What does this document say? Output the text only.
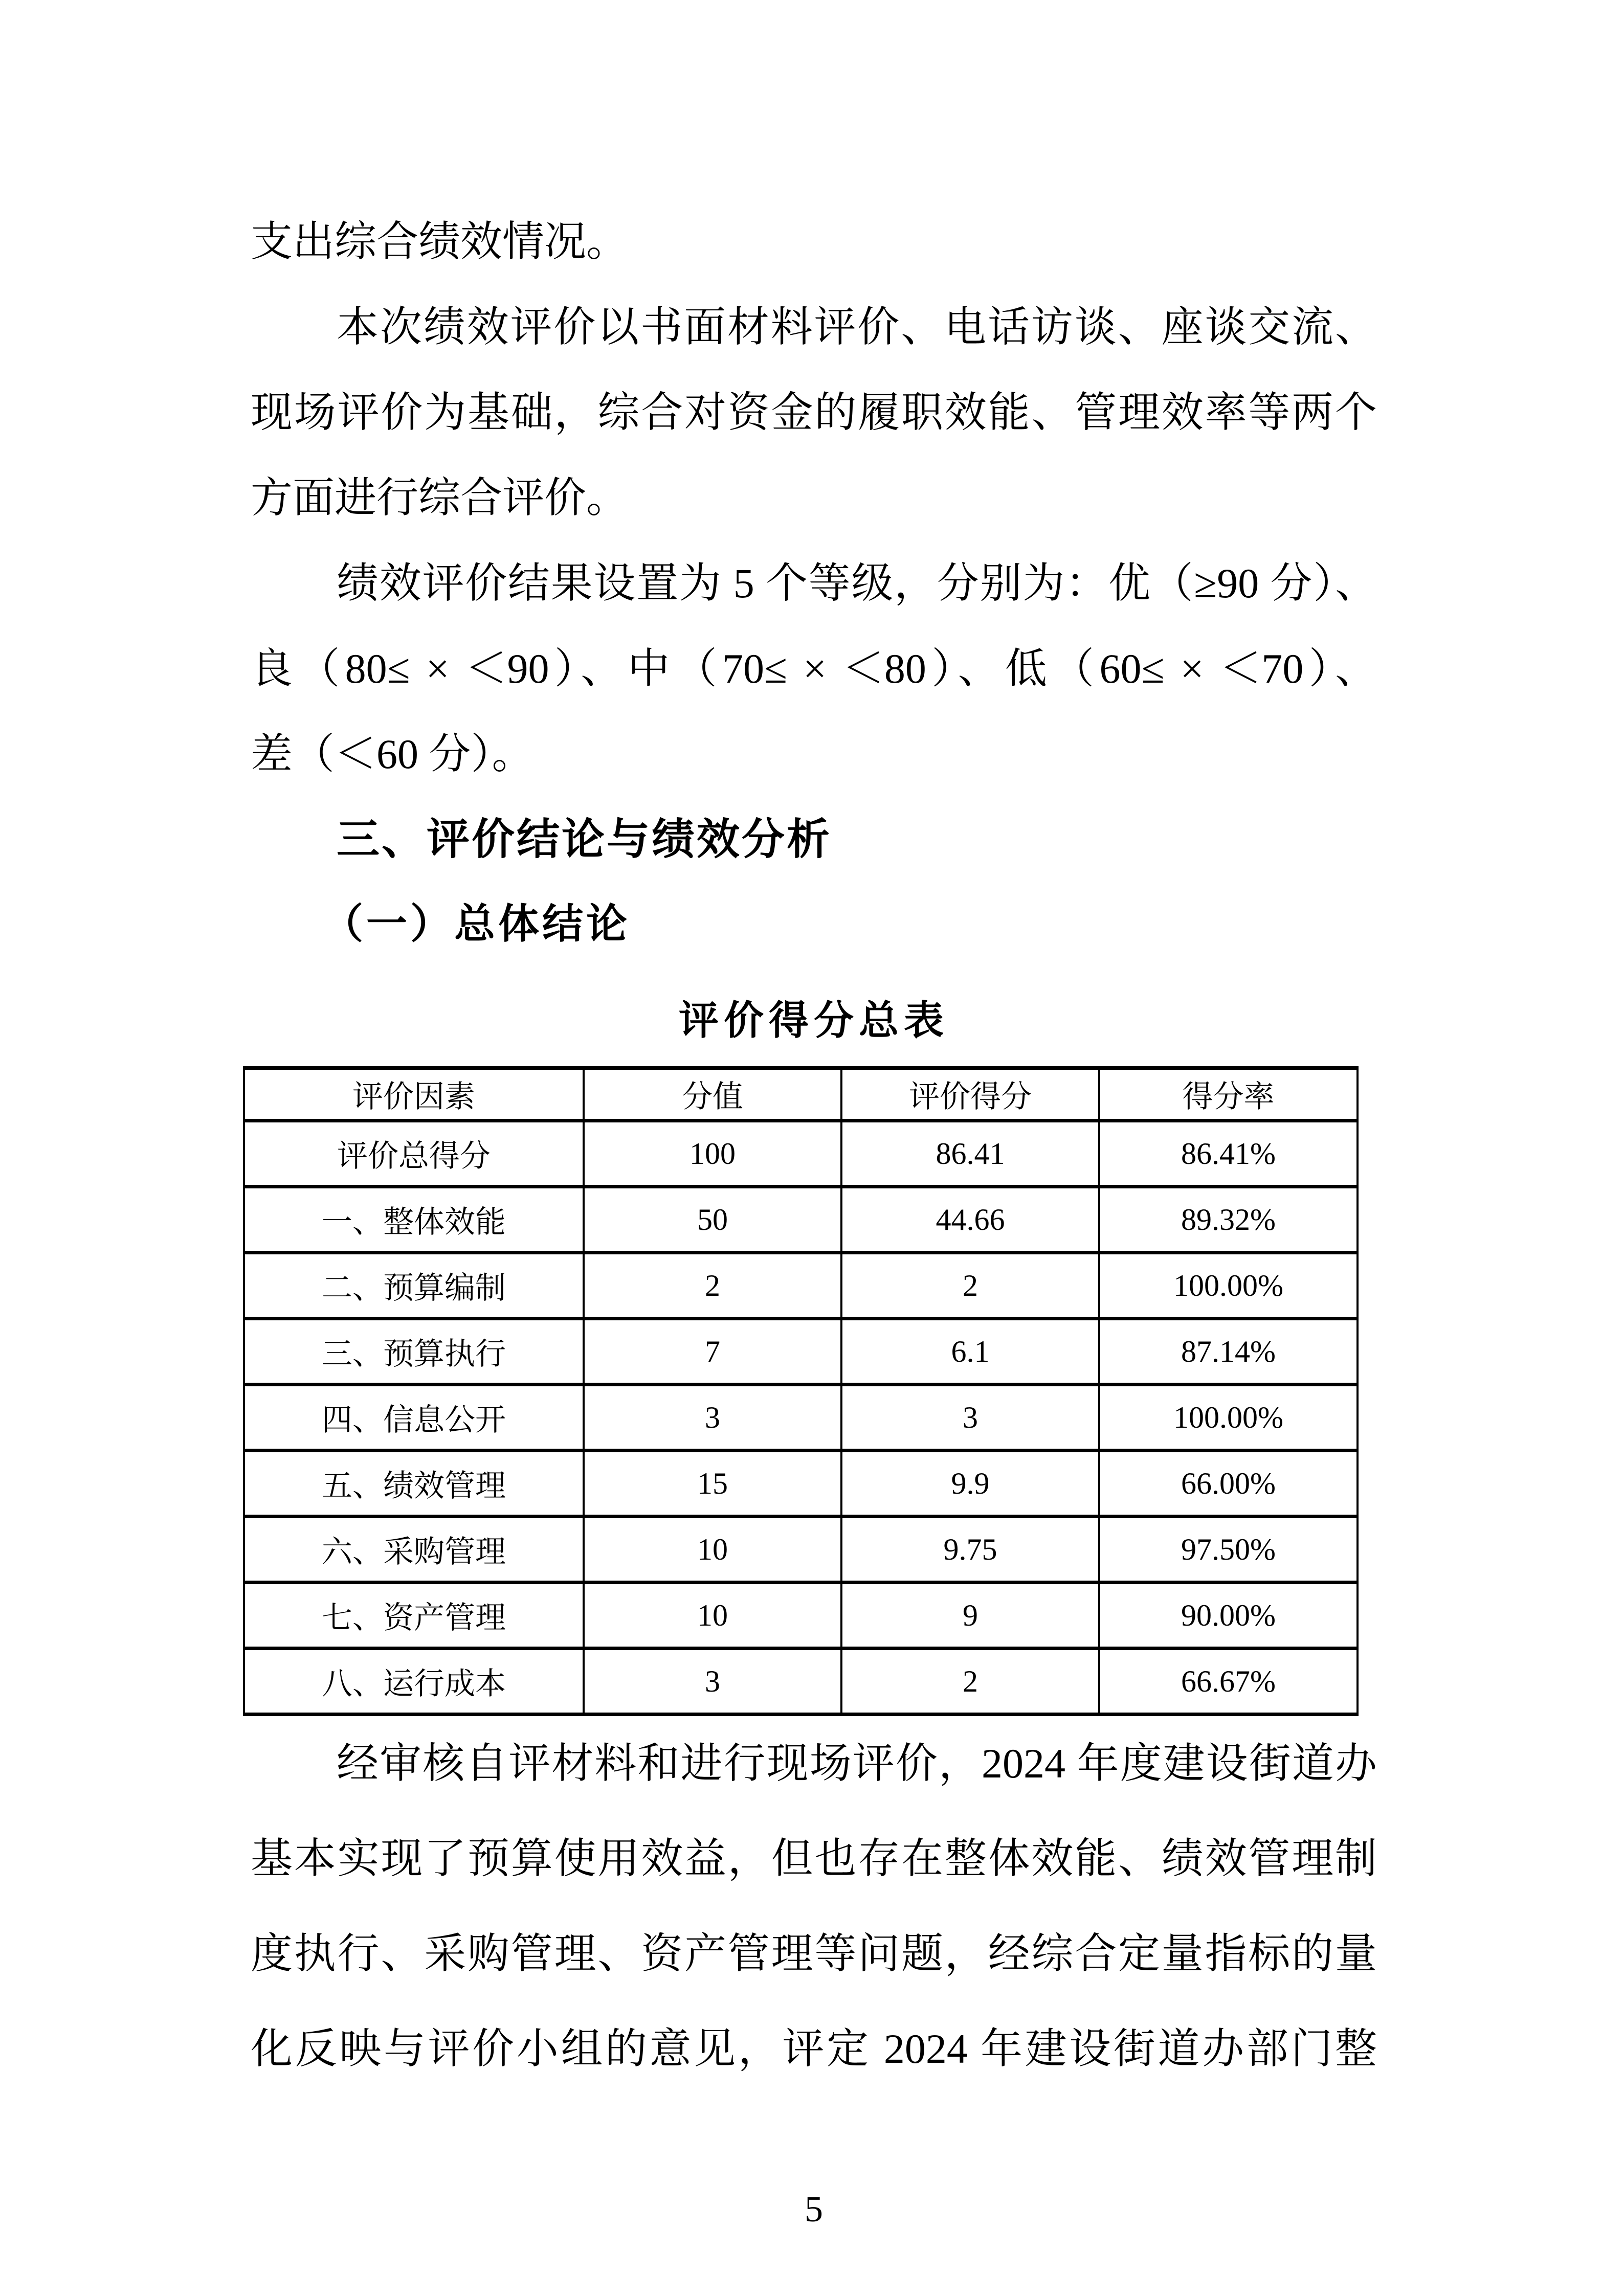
支出综合绩效情况。
本次绩效评价以书面材料评价、电话访谈、座谈交流、
现场评价为基础，综合对资金的履职效能、管理效率等两个
方面进行综合评价。
绩效评价结果设置为 5 个等级，分别为：优（≥90 分）、
良（80≤ × ＜90）、中（70≤ × ＜80）、低（60≤ × ＜70）、
差（＜60 分）。
三、评价结论与绩效分析
（一）总体结论
评价得分总表
评价因素	分值	评价得分	得分率
评价总得分	100	86.41	86.41%
一、整体效能	50	44.66	89.32%
二、预算编制	2	2	100.00%
三、预算执行	7	6.1	87.14%
四、信息公开	3	3	100.00%
五、绩效管理	15	9.9	66.00%
六、采购管理	10	9.75	97.50%
七、资产管理	10	9	90.00%
八、运行成本	3	2	66.67%
经审核自评材料和进行现场评价，2024 年度建设街道办
基本实现了预算使用效益，但也存在整体效能、绩效管理制
度执行、采购管理、资产管理等问题，经综合定量指标的量
化反映与评价小组的意见，评定 2024 年建设街道办部门整
5
